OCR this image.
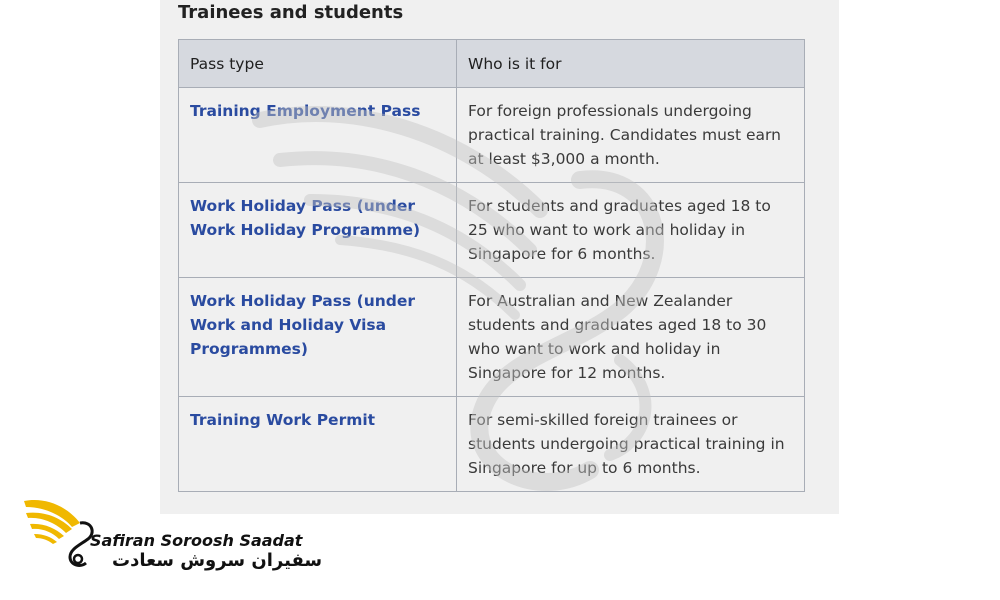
Trainees and students
Pass type	Who is it for
Training Employment Pass	For foreign professionals undergoing practical training. Candidates must earn at least $3,000 a month.
Work Holiday Pass (under Work Holiday Programme)	For students and graduates aged 18 to 25 who want to work and holiday in Singapore for 6 months.
Work Holiday Pass (under Work and Holiday Visa Programmes)	For Australian and New Zealander students and graduates aged 18 to 30 who want to work and holiday in Singapore for 12 months.
Training Work Permit	For semi-skilled foreign trainees or students undergoing practical training in Singapore for up to 6 months.
Safiran Soroosh Saadat
سفیران سروش سعادت
